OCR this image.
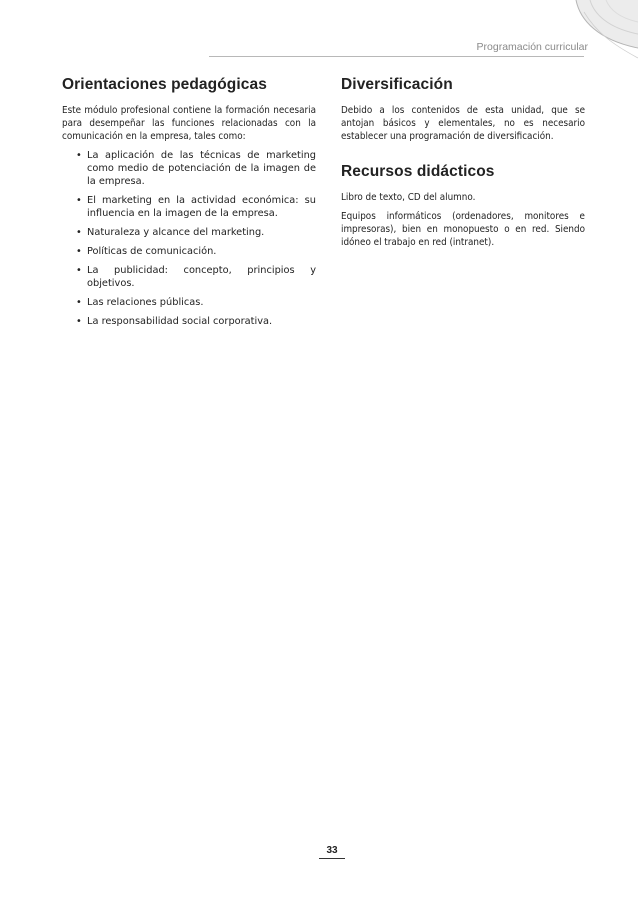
Programación curricular
Orientaciones pedagógicas

Este módulo profesional contiene la formación necesaria para desempeñar las funciones relacionadas con la comunicación en la empresa, tales como:

• La aplicación de las técnicas de marketing como medio de potenciación de la imagen de la empresa.
• El marketing en la actividad económica: su influencia en la imagen de la empresa.
• Naturaleza y alcance del marketing.
• Políticas de comunicación.
• La publicidad: concepto, principios y objetivos.
• Las relaciones públicas.
• La responsabilidad social corporativa.
Diversificación

Debido a los contenidos de esta unidad, que se antojan básicos y elementales, no es necesario establecer una programación de diversificación.

Recursos didácticos

Libro de texto, CD del alumno.

Equipos informáticos (ordenadores, monitores e impresoras), bien en monopuesto o en red. Siendo idóneo el trabajo en red (intranet).

33
